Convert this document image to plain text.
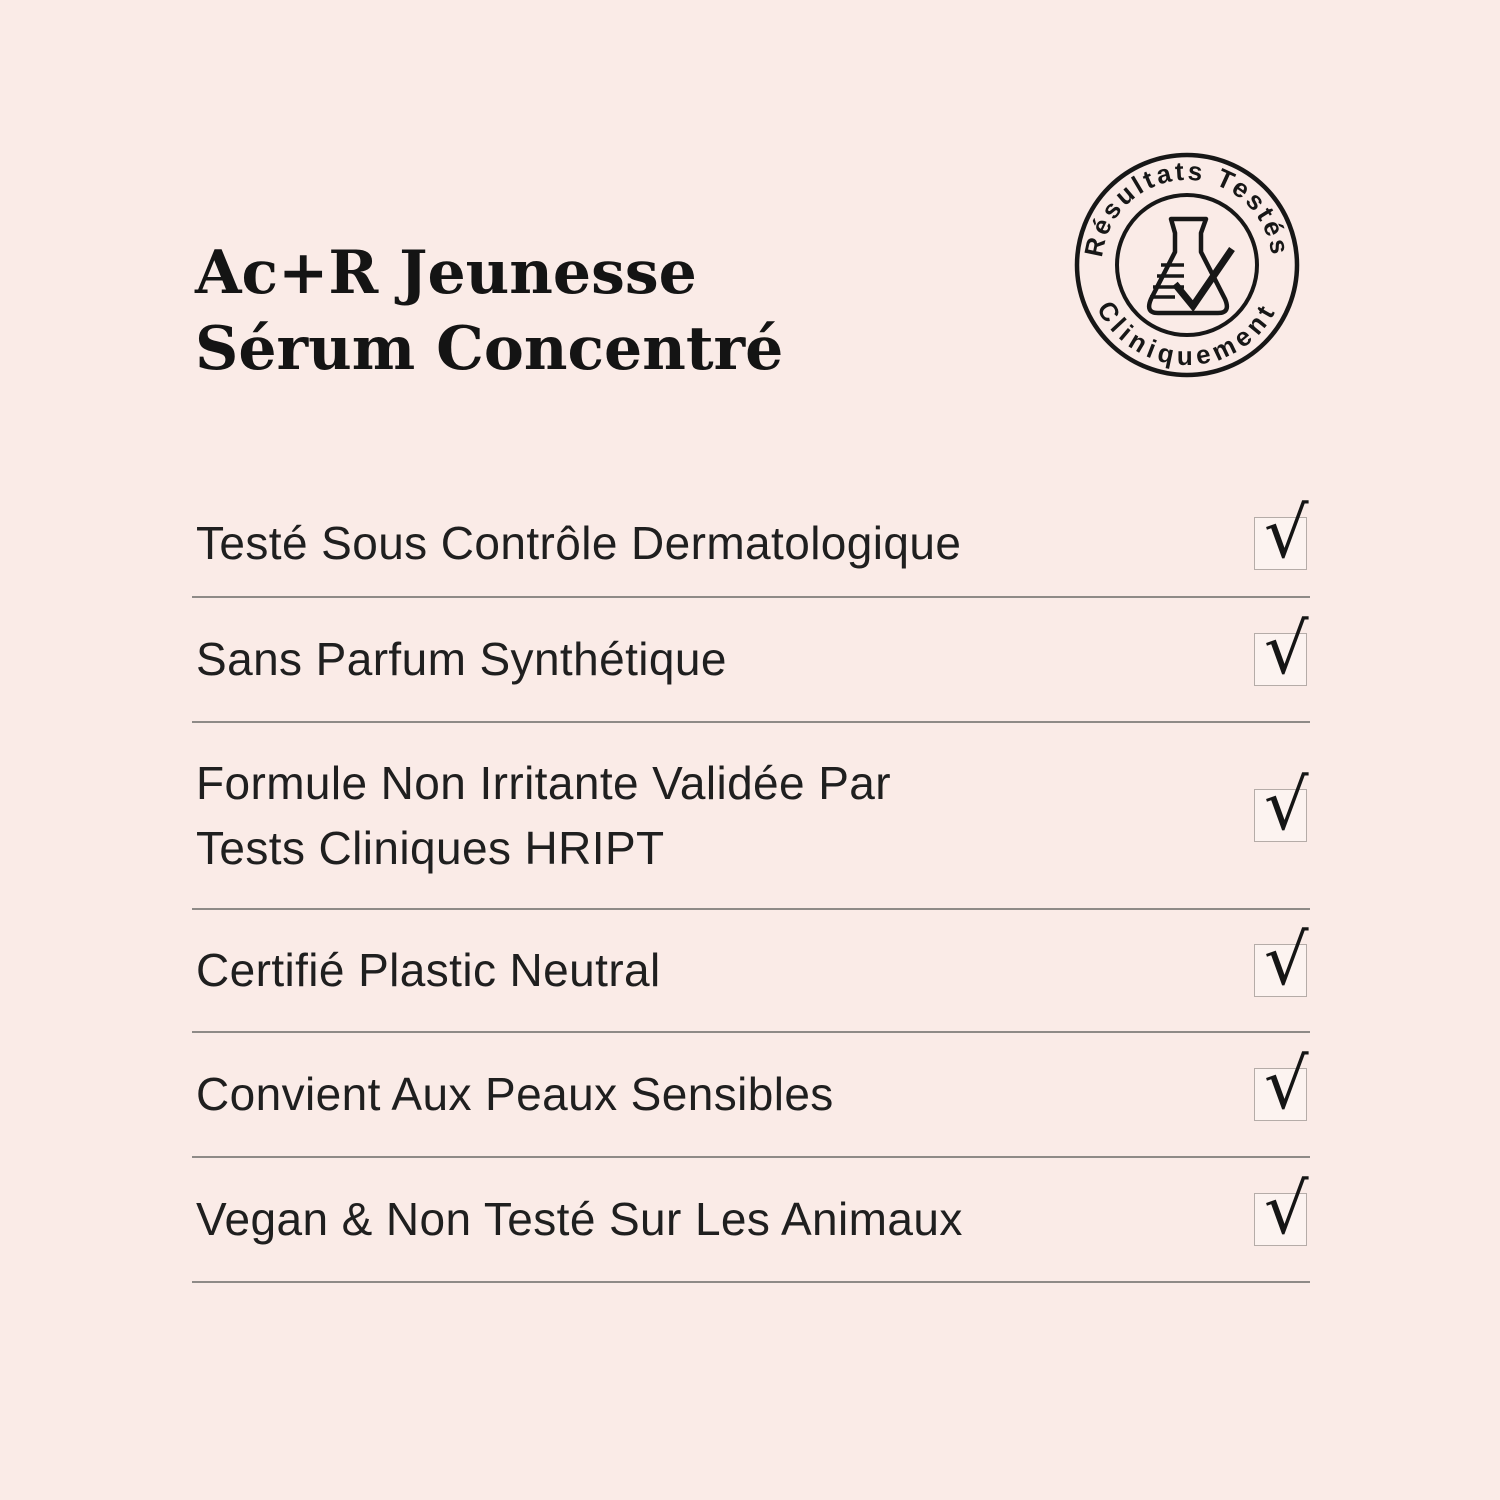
Ac+R Jeunesse
Sérum Concentré
Résultats Testés
Cliniquement
Testé Sous Contrôle Dermatologique	√
Sans Parfum Synthétique	√
Formule Non Irritante Validée Par
Tests Cliniques HRIPT
√
Certifié Plastic Neutral	√
Convient Aux Peaux Sensibles	√
Vegan & Non Testé Sur Les Animaux	√
